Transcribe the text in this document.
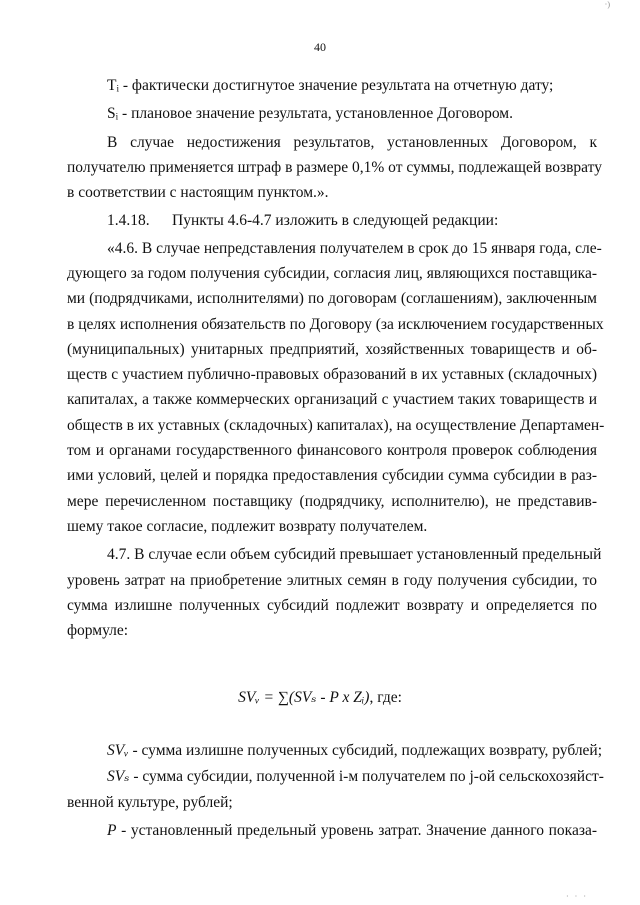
·)
40
Tᵢ - фактически достигнутое значение результата на отчетную дату;
Sᵢ - плановое значение результата, установленное Договором.
В случае недостижения результатов, установленных Договором, к
получателю применяется штраф в размере 0,1% от суммы, подлежащей возврату
в соответствии с настоящим пунктом.».
1.4.18. Пункты 4.6-4.7 изложить в следующей редакции:
«4.6. В случае непредставления получателем в срок до 15 января года, сле-
дующего за годом получения субсидии, согласия лиц, являющихся поставщика-
ми (подрядчиками, исполнителями) по договорам (соглашениям), заключенным
в целях исполнения обязательств по Договору (за исключением государственных
(муниципальных) унитарных предприятий, хозяйственных товариществ и об-
ществ с участием публично-правовых образований в их уставных (складочных)
капиталах, а также коммерческих организаций с участием таких товариществ и
обществ в их уставных (складочных) капиталах), на осуществление Департамен-
том и органами государственного финансового контроля проверок соблюдения
ими условий, целей и порядка предоставления субсидии сумма субсидии в раз-
мере перечисленном поставщику (подрядчику, исполнителю), не представив-
шему такое согласие, подлежит возврату получателем.
4.7. В случае если объем субсидий превышает установленный предельный
уровень затрат на приобретение элитных семян в году получения субсидии, то
сумма излишне полученных субсидий подлежит возврату и определяется по
формуле:
SVᵥ = ∑(SVₛ - P x Zᵢ), где:
SVᵥ - сумма излишне полученных субсидий, подлежащих возврату, рублей;
SVₛ - сумма субсидии, полученной i-м получателем по j-ой сельскохозяйст-
венной культуре, рублей;
P - установленный предельный уровень затрат. Значение данного показа-
· · ·
